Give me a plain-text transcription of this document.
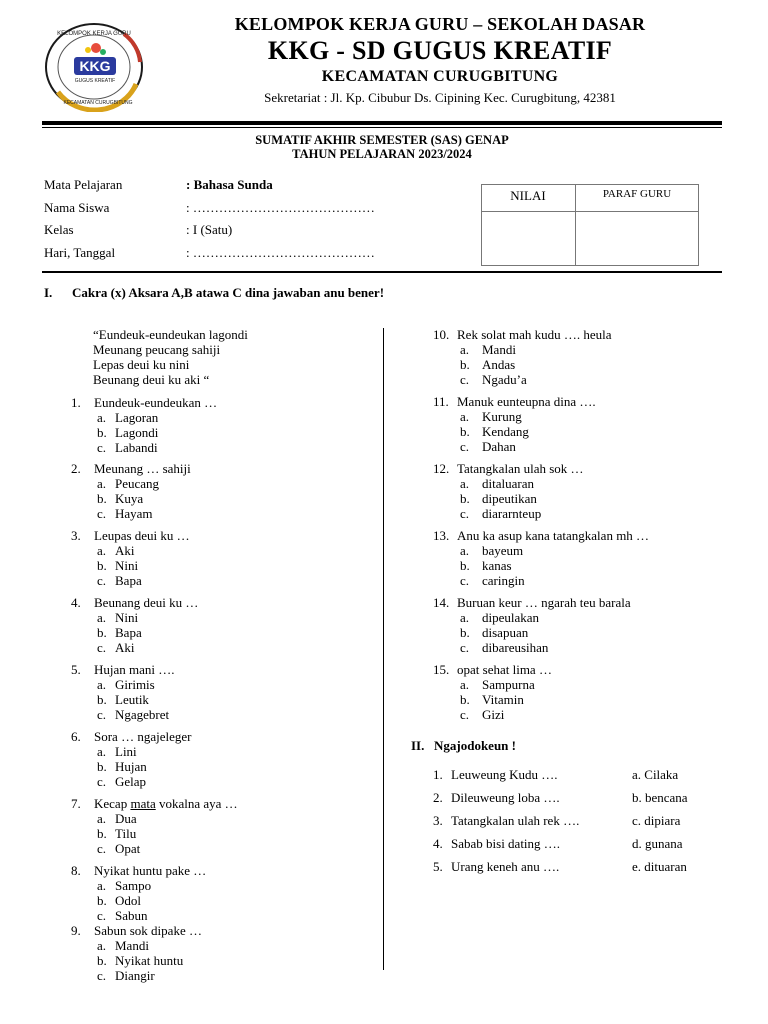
KKG
GUGUS KREATIF
KELOMPOK KERJA GURU
KECAMATAN CURUGBITUNG
KELOMPOK KERJA GURU – SEKOLAH DASAR
KKG - SD GUGUS KREATIF
KECAMATAN CURUGBITUNG
Sekretariat : Jl. Kp. Cibubur Ds. Cipining Kec. Curugbitung, 42381
SUMATIF AKHIR SEMESTER (SAS) GENAP
TAHUN PELAJARAN 2023/2024
Mata Pelajaran	: Bahasa Sunda
Nama Siswa	: ……………………………………
Kelas	: I (Satu)
Hari, Tanggal	: ……………………………………
NILAI	PARAF GURU
I. Cakra (x) Aksara A,B atawa C dina jawaban anu bener!
“Eundeuk-eundeukan lagondi
Meunang peucang sahiji
Lepas deui ku nini
Beunang deui ku aki “
1. Eundeuk-eundeukan …
a. Lagoran
b. Lagondi
c. Labandi
2. Meunang … sahiji
a. Peucang
b. Kuya
c. Hayam
3. Leupas deui ku …
a. Aki
b. Nini
c. Bapa
4. Beunang deui ku …
a. Nini
b. Bapa
c. Aki
5. Hujan mani ….
a. Girimis
b. Leutik
c. Ngagebret
6. Sora … ngajeleger
a. Lini
b. Hujan
c. Gelap
7. Kecap mata vokalna aya …
a. Dua
b. Tilu
c. Opat
8. Nyikat huntu pake …
a. Sampo
b. Odol
c. Sabun
9. Sabun sok dipake …
a. Mandi
b. Nyikat huntu
c. Diangir
10. Rek solat mah kudu …. heula
a. Mandi
b. Andas
c. Ngadu’a
11. Manuk eunteupna dina ….
a. Kurung
b. Kendang
c. Dahan
12. Tatangkalan ulah sok …
a. ditaluaran
b. dipeutikan
c. diararnteup
13. Anu ka asup kana tatangkalan mh …
a. bayeum
b. kanas
c. caringin
14. Buruan keur … ngarah teu barala
a. dipeulakan
b. disapuan
c. dibareusihan
15. opat sehat lima …
a. Sampurna
b. Vitamin
c. Gizi
II. Ngajodokeun !
1. Leuweung Kudu ….	a. Cilaka
2. Dileuweung loba ….	b. bencana
3. Tatangkalan ulah rek ….	c. dipiara
4. Sabab bisi dating ….	d. gunana
5. Urang keneh anu ….	e. dituaran
